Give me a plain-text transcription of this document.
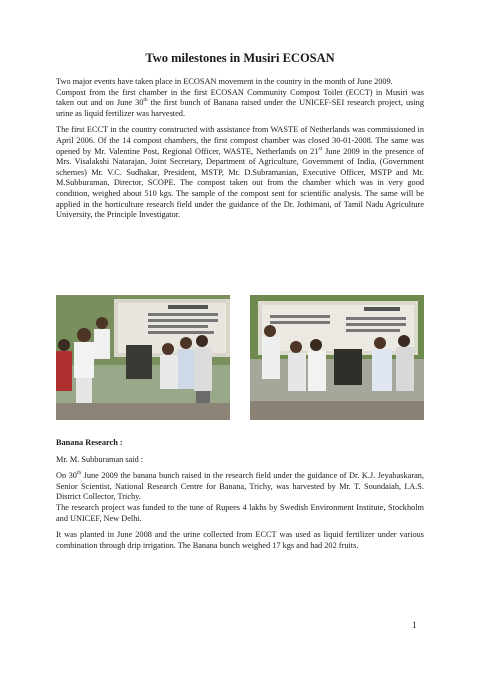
Two milestones in Musiri ECOSAN

Two major events have taken place in ECOSAN movement in the country in the month of June 2009.

Compost from the first chamber in the first ECOSAN Community Compost Toilet (ECCT) in Musiri was taken out and on June 30th the first bunch of Banana raised under the UNICEF-SEI research project, using urine as liquid fertilizer was harvested.

The first ECCT in the country constructed with assistance from WASTE of Netherlands was commissioned in April 2006. Of the 14 compost chambers, the first compost chamber was closed 30-01-2008. The same was opened by Mr. Valentine Post, Regional Officer, WASTE, Netherlands on 21st June 2009 in the presence of Mrs. Visalakshi Natarajan, Joint Secretary, Department of Agriculture, Government of India, (Government schemes) Mr. V.C. Sudhakar, President, MSTP, Mr. D.Subramanian, Executive Officer, MSTP and Mr. M.Subburaman, Director, SCOPE. The compost taken out from the chamber which was in very good condition, weighed about 510 kgs. The sample of the compost sent for scientific analysis. The same will be applied in the horticulture research field under the guidance of the Dr. Jothimani, of Tamil Nadu Agriculture University, the Principle Investigator.

Banana Research :

Mr. M. Subburaman said :

On 30th June 2009 the banana bunch raised in the research field under the guidance of Dr. K.J. Jeyabaskaran, Senior Scientist, National Research Centre for Banana, Trichy, was harvested by Mr. T. Soundaiah, I.A.S. District Collector, Trichy.

The research project was funded to the tune of Rupees 4 lakhs by Swedish Environment Institute, Stockholm and UNICEF, New Delhi.

It was planted in June 2008 and the urine collected from ECCT was used as liquid fertilizer under various combination through drip irrigation. The Banana bunch weighed 17 kgs and had 202 fruits.

1
